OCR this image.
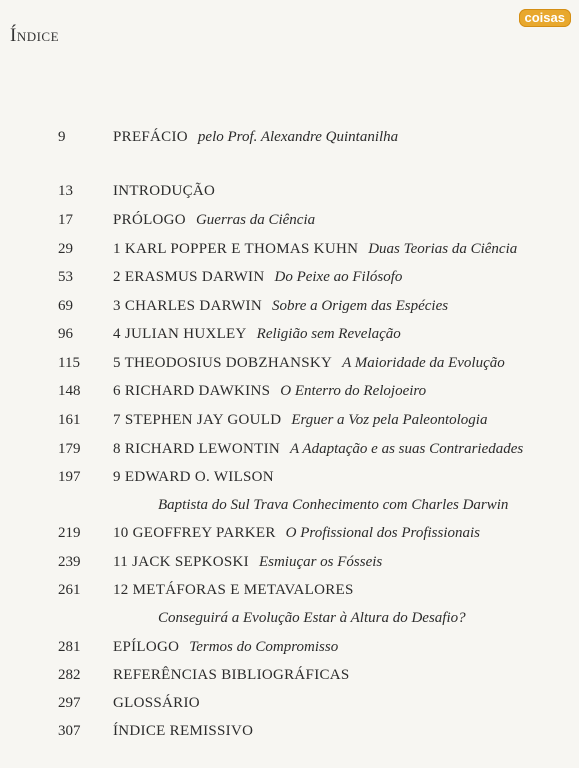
Índice
coisas
9	PREFÁCIO pelo Prof. Alexandre Quintanilha
13	INTRODUÇÃO
17	PRÓLOGO Guerras da Ciência
29	1 KARL POPPER E THOMAS KUHN Duas Teorias da Ciência
53	2 ERASMUS DARWIN Do Peixe ao Filósofo
69	3 CHARLES DARWIN Sobre a Origem das Espécies
96	4 JULIAN HUXLEY Religião sem Revelação
115	5 THEODOSIUS DOBZHANSKY A Maioridade da Evolução
148	6 RICHARD DAWKINS O Enterro do Relojoeiro
161	7 STEPHEN JAY GOULD Erguer a Voz pela Paleontologia
179	8 RICHARD LEWONTIN A Adaptação e as suas Contrariedades
197	9 EDWARD O. WILSON
Baptista do Sul Trava Conhecimento com Charles Darwin
219	10 GEOFFREY PARKER O Profissional dos Profissionais
239	11 JACK SEPKOSKI Esmiuçar os Fósseis
261	12 METÁFORAS E METAVALORES
Conseguirá a Evolução Estar à Altura do Desafio?
281	EPÍLOGO Termos do Compromisso
282	REFERÊNCIAS BIBLIOGRÁFICAS
297	GLOSSÁRIO
307	ÍNDICE REMISSIVO
